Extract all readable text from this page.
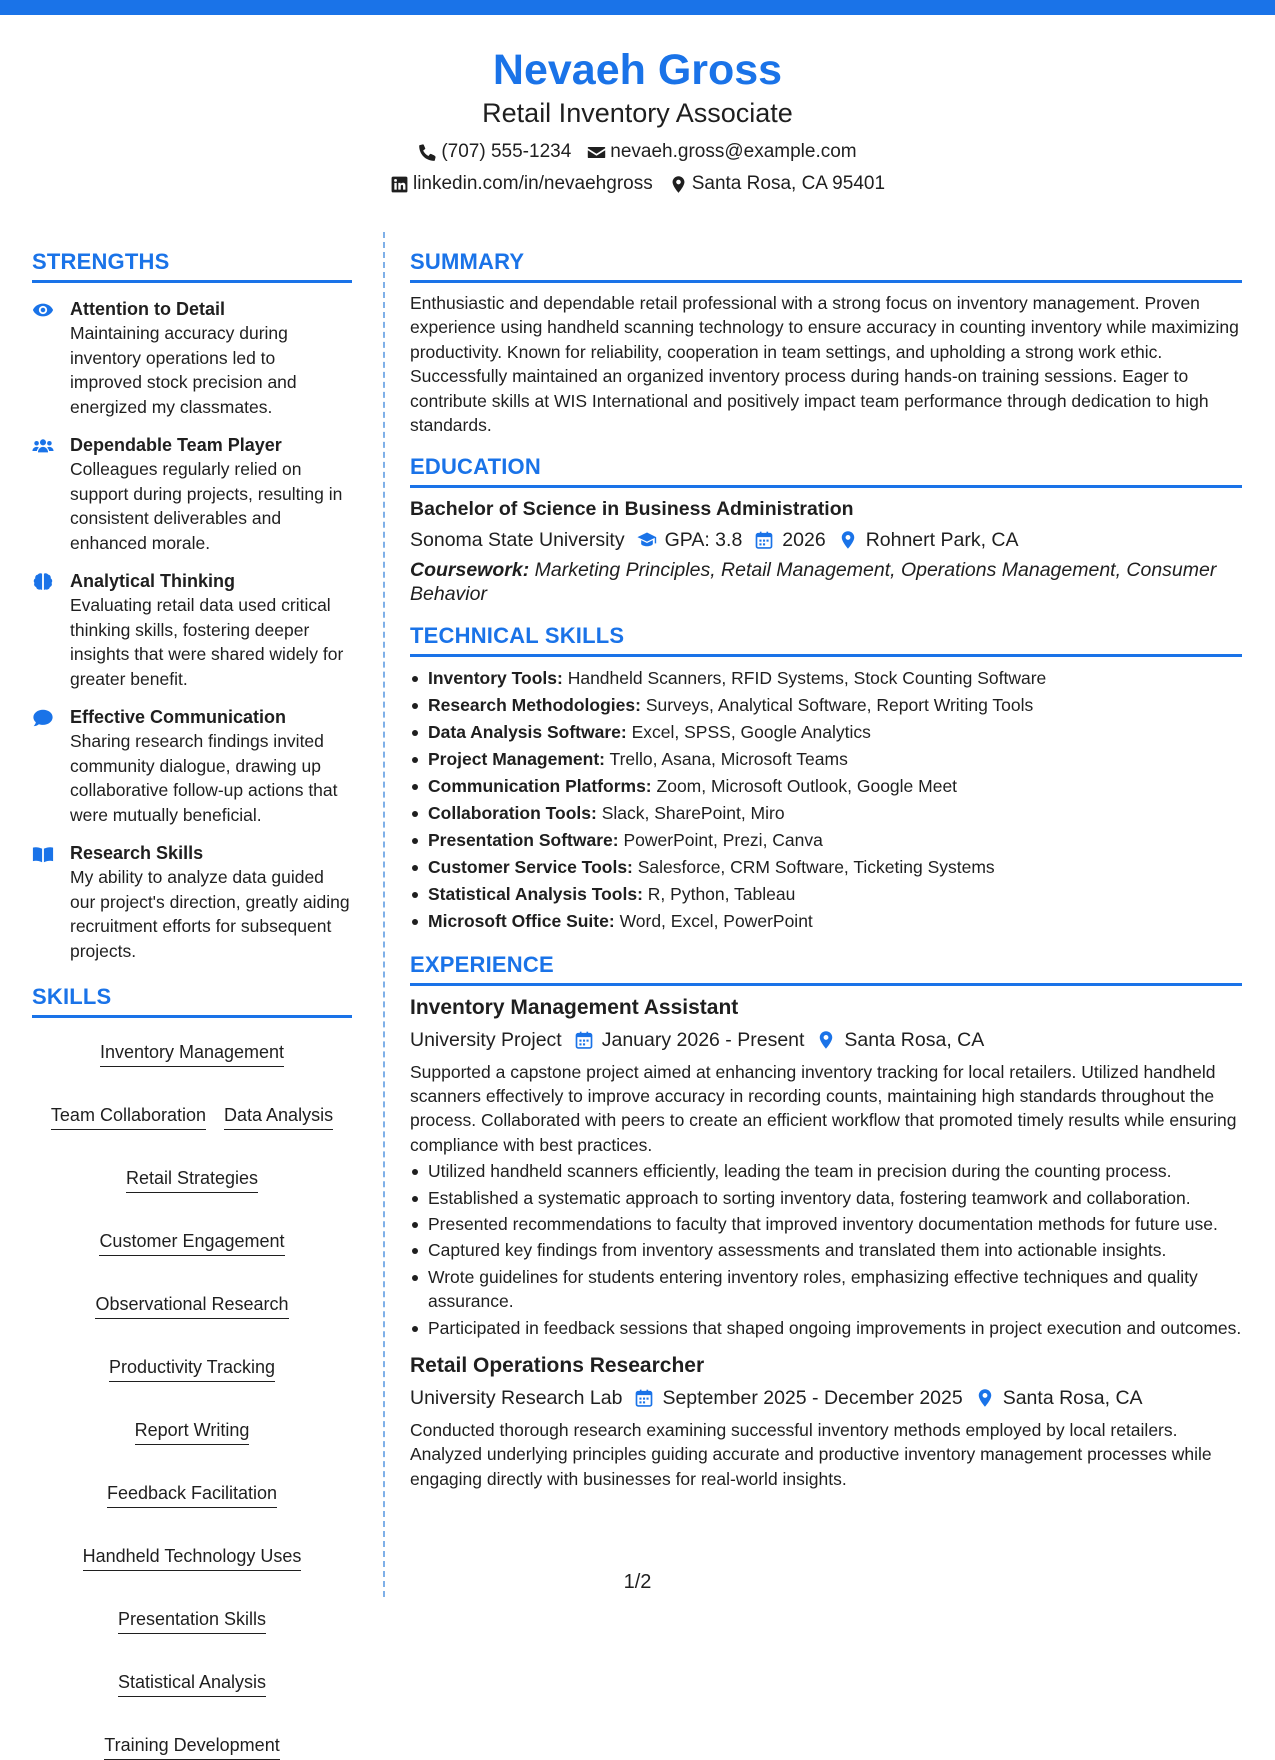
Nevaeh Gross
Retail Inventory Associate
(707) 555-1234 nevaeh.gross@example.com
linkedin.com/in/nevaehgross Santa Rosa, CA 95401
STRENGTHS
Attention to Detail
Maintaining accuracy during inventory operations led to improved stock precision and energized my classmates.
Dependable Team Player
Colleagues regularly relied on support during projects, resulting in consistent deliverables and enhanced morale.
Analytical Thinking
Evaluating retail data used critical thinking skills, fostering deeper insights that were shared widely for greater benefit.
Effective Communication
Sharing research findings invited community dialogue, drawing up collaborative follow-up actions that were mutually beneficial.
Research Skills
My ability to analyze data guided our project's direction, greatly aiding recruitment efforts for subsequent projects.
SKILLS
Inventory Management
Team Collaboration Data Analysis
Retail Strategies
Customer Engagement
Observational Research
Productivity Tracking
Report Writing
Feedback Facilitation
Handheld Technology Uses
Presentation Skills
Statistical Analysis
Training Development
SUMMARY
Enthusiastic and dependable retail professional with a strong focus on inventory management. Proven experience using handheld scanning technology to ensure accuracy in counting inventory while maximizing productivity. Known for reliability, cooperation in team settings, and upholding a strong work ethic. Successfully maintained an organized inventory process during hands-on training sessions. Eager to contribute skills at WIS International and positively impact team performance through dedication to high standards.
EDUCATION
Bachelor of Science in Business Administration
Sonoma State University GPA: 3.8 2026 Rohnert Park, CA
Coursework: Marketing Principles, Retail Management, Operations Management, Consumer Behavior
TECHNICAL SKILLS
Inventory Tools: Handheld Scanners, RFID Systems, Stock Counting Software
Research Methodologies: Surveys, Analytical Software, Report Writing Tools
Data Analysis Software: Excel, SPSS, Google Analytics
Project Management: Trello, Asana, Microsoft Teams
Communication Platforms: Zoom, Microsoft Outlook, Google Meet
Collaboration Tools: Slack, SharePoint, Miro
Presentation Software: PowerPoint, Prezi, Canva
Customer Service Tools: Salesforce, CRM Software, Ticketing Systems
Statistical Analysis Tools: R, Python, Tableau
Microsoft Office Suite: Word, Excel, PowerPoint
EXPERIENCE
Inventory Management Assistant
University Project January 2026 - Present Santa Rosa, CA
Supported a capstone project aimed at enhancing inventory tracking for local retailers. Utilized handheld scanners effectively to improve accuracy in recording counts, maintaining high standards throughout the process. Collaborated with peers to create an efficient workflow that promoted timely results while ensuring compliance with best practices.
Utilized handheld scanners efficiently, leading the team in precision during the counting process.
Established a systematic approach to sorting inventory data, fostering teamwork and collaboration.
Presented recommendations to faculty that improved inventory documentation methods for future use.
Captured key findings from inventory assessments and translated them into actionable insights.
Wrote guidelines for students entering inventory roles, emphasizing effective techniques and quality assurance.
Participated in feedback sessions that shaped ongoing improvements in project execution and outcomes.
Retail Operations Researcher
University Research Lab September 2025 - December 2025 Santa Rosa, CA
Conducted thorough research examining successful inventory methods employed by local retailers. Analyzed underlying principles guiding accurate and productive inventory management processes while engaging directly with businesses for real-world insights.
1/2
